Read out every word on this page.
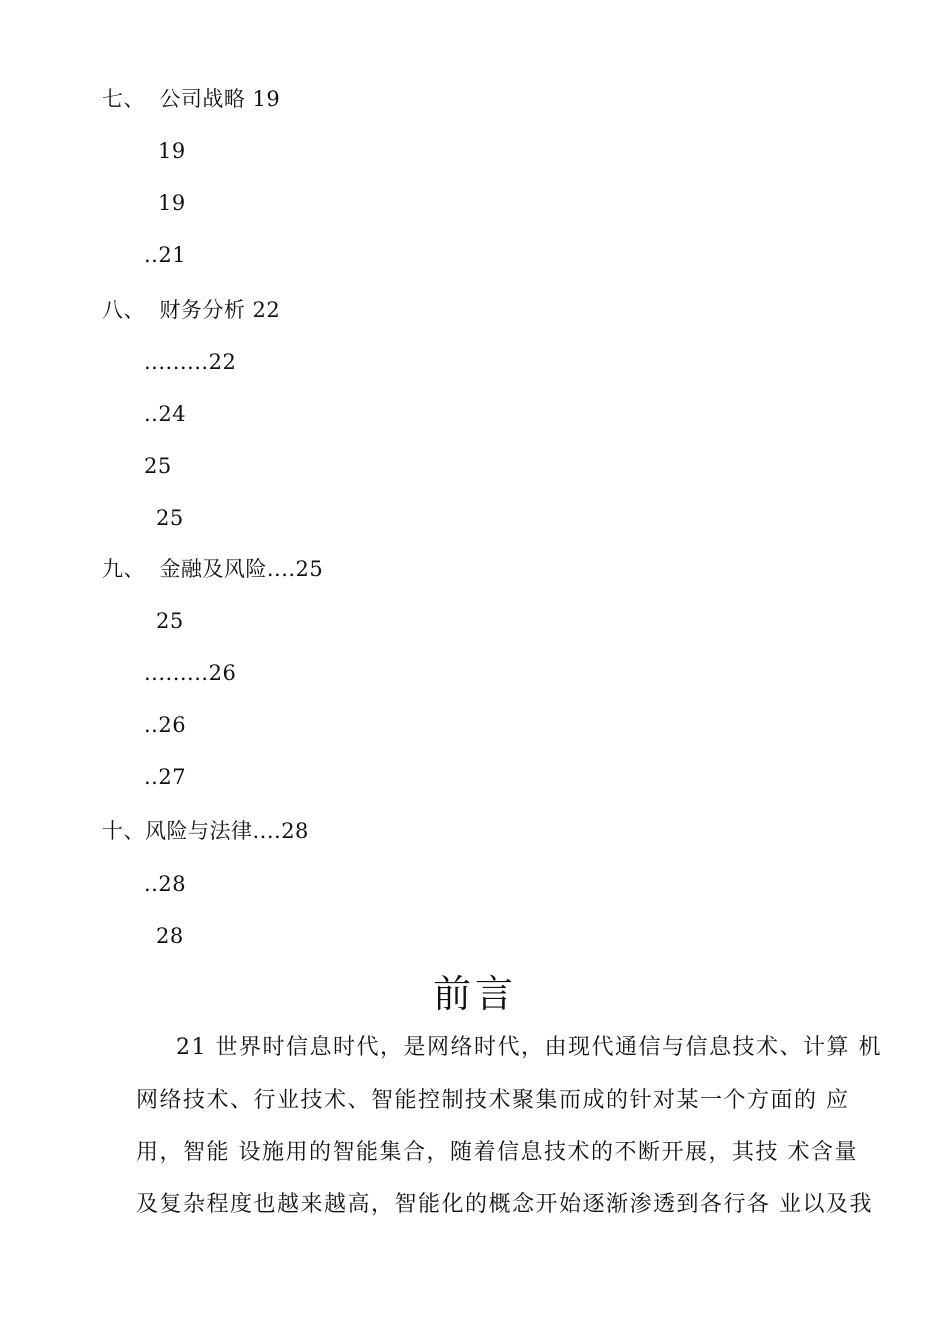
七、  公司战略 19
19
19
..21
八、  财务分析 22
.........22
..24
25
25
九、  金融及风险....25
25
.........26
..26
..27
十、风险与法律....28
..28
28
前言
21 世界时信息时代，是网络时代，由现代通信与信息技术、计算 机
网络技术、行业技术、智能控制技术聚集而成的针对某一个方面的 应
用，智能 设施用的智能集合，随着信息技术的不断开展，其技 术含量
及复杂程度也越来越高，智能化的概念开始逐渐渗透到各行各 业以及我
